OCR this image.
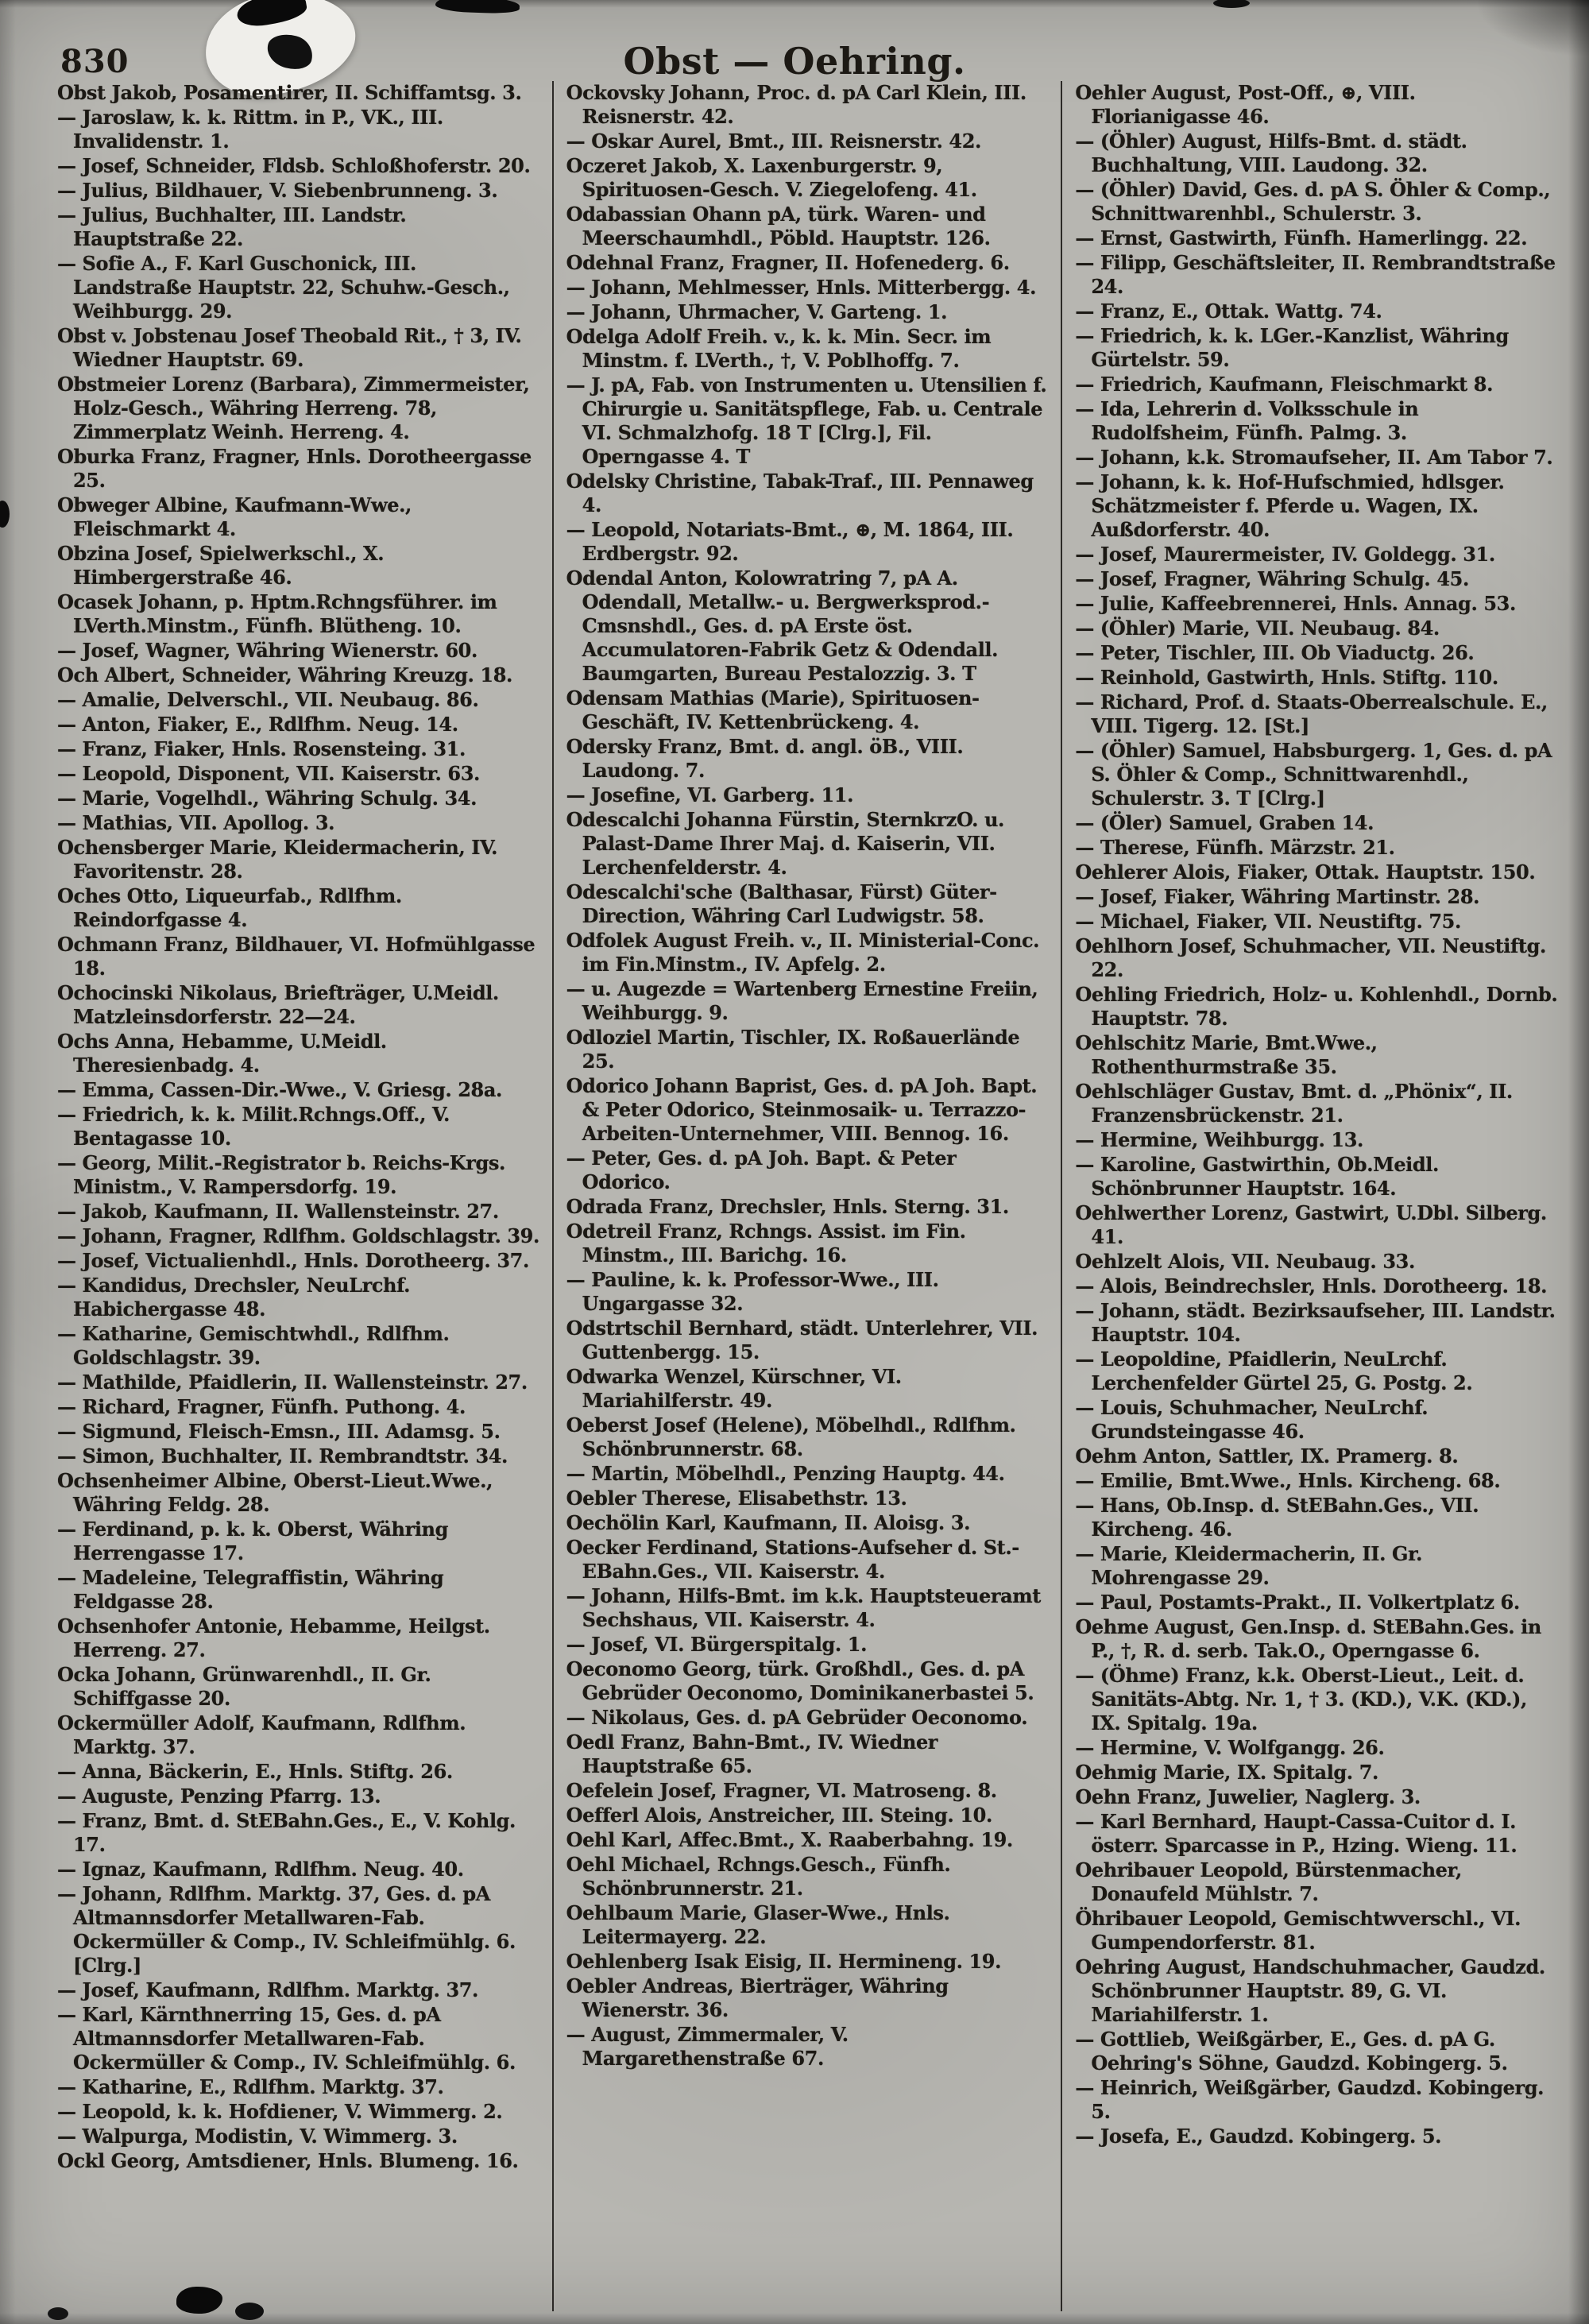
830	Obst — Oehring.

Obst Jakob, Posamentirer, II. Schiffamtsg. 3.

— Jaroslaw, k. k. Rittm. in P., VK., III. Invalidenstr. 1.

— Josef, Schneider, Fldsb. Schloßhoferstr. 20.

— Julius, Bildhauer, V. Siebenbrunneng. 3.

— Julius, Buchhalter, III. Landstr. Hauptstraße 22.

— Sofie A., F. Karl Guschonick, III. Landstraße Hauptstr. 22, Schuhw.-Gesch., Weihburgg. 29.

Obst v. Jobstenau Josef Theobald Rit., † 3, IV. Wiedner Hauptstr. 69.

Obstmeier Lorenz (Barbara), Zimmermeister, Holz-Gesch., Währing Herreng. 78, Zimmerplatz Weinh. Herreng. 4.

Oburka Franz, Fragner, Hnls. Dorotheergasse 25.

Obweger Albine, Kaufmann-Wwe., Fleischmarkt 4.

Obzina Josef, Spielwerkschl., X. Himbergerstraße 46.

Ocasek Johann, p. Hptm.Rchngsführer. im LVerth.Minstm., Fünfh. Blütheng. 10.

— Josef, Wagner, Währing Wienerstr. 60.

Och Albert, Schneider, Währing Kreuzg. 18.

— Amalie, Delverschl., VII. Neubaug. 86.

— Anton, Fiaker, E., Rdlfhm. Neug. 14.

— Franz, Fiaker, Hnls. Rosensteing. 31.

— Leopold, Disponent, VII. Kaiserstr. 63.

— Marie, Vogelhdl., Währing Schulg. 34.

— Mathias, VII. Apollog. 3.

Ochensberger Marie, Kleidermacherin, IV. Favoritenstr. 28.

Oches Otto, Liqueurfab., Rdlfhm. Reindorfgasse 4.

Ochmann Franz, Bildhauer, VI. Hofmühlgasse 18.

Ochocinski Nikolaus, Briefträger, U.Meidl. Matzleinsdorferstr. 22—24.

Ochs Anna, Hebamme, U.Meidl. Theresienbadg. 4.

— Emma, Cassen-Dir.-Wwe., V. Griesg. 28a.

— Friedrich, k. k. Milit.Rchngs.Off., V. Bentagasse 10.

— Georg, Milit.-Registrator b. Reichs-Krgs. Ministm., V. Rampersdorfg. 19.

— Jakob, Kaufmann, II. Wallensteinstr. 27.

— Johann, Fragner, Rdlfhm. Goldschlagstr. 39.

— Josef, Victualienhdl., Hnls. Dorotheerg. 37.

— Kandidus, Drechsler, NeuLrchf. Habichergasse 48.

— Katharine, Gemischtwhdl., Rdlfhm. Goldschlagstr. 39.

— Mathilde, Pfaidlerin, II. Wallensteinstr. 27.

— Richard, Fragner, Fünfh. Puthong. 4.

— Sigmund, Fleisch-Emsn., III. Adamsg. 5.

— Simon, Buchhalter, II. Rembrandtstr. 34.

Ochsenheimer Albine, Oberst-Lieut.Wwe., Währing Feldg. 28.

— Ferdinand, p. k. k. Oberst, Währing Herrengasse 17.

— Madeleine, Telegraffistin, Währing Feldgasse 28.

Ochsenhofer Antonie, Hebamme, Heilgst. Herreng. 27.

Ocka Johann, Grünwarenhdl., II. Gr. Schiffgasse 20.

Ockermüller Adolf, Kaufmann, Rdlfhm. Marktg. 37.

— Anna, Bäckerin, E., Hnls. Stiftg. 26.

— Auguste, Penzing Pfarrg. 13.

— Franz, Bmt. d. StEBahn.Ges., E., V. Kohlg. 17.

— Ignaz, Kaufmann, Rdlfhm. Neug. 40.

— Johann, Rdlfhm. Marktg. 37, Ges. d. pA Altmannsdorfer Metallwaren-Fab. Ockermüller & Comp., IV. Schleifmühlg. 6. [Clrg.]

— Josef, Kaufmann, Rdlfhm. Marktg. 37.

— Karl, Kärnthnerring 15, Ges. d. pA Altmannsdorfer Metallwaren-Fab. Ockermüller & Comp., IV. Schleifmühlg. 6.

— Katharine, E., Rdlfhm. Marktg. 37.

— Leopold, k. k. Hofdiener, V. Wimmerg. 2.

— Walpurga, Modistin, V. Wimmerg. 3.

Ockl Georg, Amtsdiener, Hnls. Blumeng. 16.

Ockovsky Johann, Proc. d. pA Carl Klein, III. Reisnerstr. 42.

— Oskar Aurel, Bmt., III. Reisnerstr. 42.

Oczeret Jakob, X. Laxenburgerstr. 9, Spirituosen-Gesch. V. Ziegelofeng. 41.

Odabassian Ohann pA, türk. Waren- und Meerschaumhdl., Pöbld. Hauptstr. 126.

Odehnal Franz, Fragner, II. Hofenederg. 6.

— Johann, Mehlmesser, Hnls. Mitterbergg. 4.

— Johann, Uhrmacher, V. Garteng. 1.

Odelga Adolf Freih. v., k. k. Min. Secr. im Minstm. f. LVerth., †, V. Poblhoffg. 7.

— J. pA, Fab. von Instrumenten u. Utensilien f. Chirurgie u. Sanitätspflege, Fab. u. Centrale VI. Schmalzhofg. 18 T [Clrg.], Fil. Operngasse 4. T

Odelsky Christine, Tabak-Traf., III. Pennaweg 4.

— Leopold, Notariats-Bmt., ⊕, M. 1864, III. Erdbergstr. 92.

Odendal Anton, Kolowratring 7, pA A. Odendall, Metallw.- u. Bergwerksprod.-Cmsnshdl., Ges. d. pA Erste öst. Accumulatoren-Fabrik Getz & Odendall. Baumgarten, Bureau Pestalozzig. 3. T

Odensam Mathias (Marie), Spirituosen-Geschäft, IV. Kettenbrückeng. 4.

Odersky Franz, Bmt. d. angl. öB., VIII. Laudong. 7.

— Josefine, VI. Garberg. 11.

Odescalchi Johanna Fürstin, SternkrzO. u. Palast-Dame Ihrer Maj. d. Kaiserin, VII. Lerchenfelderstr. 4.

Odescalchi'sche (Balthasar, Fürst) Güter-Direction, Währing Carl Ludwigstr. 58.

Odfolek August Freih. v., II. Ministerial-Conc. im Fin.Minstm., IV. Apfelg. 2.

— u. Augezde = Wartenberg Ernestine Freiin, Weihburgg. 9.

Odloziel Martin, Tischler, IX. Roßauerlände 25.

Odorico Johann Baprist, Ges. d. pA Joh. Bapt. & Peter Odorico, Steinmosaik- u. Terrazzo-Arbeiten-Unternehmer, VIII. Bennog. 16.

— Peter, Ges. d. pA Joh. Bapt. & Peter Odorico.

Odrada Franz, Drechsler, Hnls. Sterng. 31.

Odetreil Franz, Rchngs. Assist. im Fin. Minstm., III. Barichg. 16.

— Pauline, k. k. Professor-Wwe., III. Ungargasse 32.

Odstrtschil Bernhard, städt. Unterlehrer, VII. Guttenbergg. 15.

Odwarka Wenzel, Kürschner, VI. Mariahilferstr. 49.

Oeberst Josef (Helene), Möbelhdl., Rdlfhm. Schönbrunnerstr. 68.

— Martin, Möbelhdl., Penzing Hauptg. 44.

Oebler Therese, Elisabethstr. 13.

Oechölin Karl, Kaufmann, II. Aloisg. 3.

Oecker Ferdinand, Stations-Aufseher d. St.-EBahn.Ges., VII. Kaiserstr. 4.

— Johann, Hilfs-Bmt. im k.k. Hauptsteueramt Sechshaus, VII. Kaiserstr. 4.

— Josef, VI. Bürgerspitalg. 1.

Oeconomo Georg, türk. Großhdl., Ges. d. pA Gebrüder Oeconomo, Dominikanerbastei 5.

— Nikolaus, Ges. d. pA Gebrüder Oeconomo.

Oedl Franz, Bahn-Bmt., IV. Wiedner Hauptstraße 65.

Oefelein Josef, Fragner, VI. Matroseng. 8.

Oefferl Alois, Anstreicher, III. Steing. 10.

Oehl Karl, Affec.Bmt., X. Raaberbahng. 19.

Oehl Michael, Rchngs.Gesch., Fünfh. Schönbrunnerstr. 21.

Oehlbaum Marie, Glaser-Wwe., Hnls. Leitermayerg. 22.

Oehlenberg Isak Eisig, II. Hermineng. 19.

Oebler Andreas, Bierträger, Währing Wienerstr. 36.

— August, Zimmermaler, V. Margarethenstraße 67.

Oehler August, Post-Off., ⊕, VIII. Florianigasse 46.

— (Öhler) August, Hilfs-Bmt. d. städt. Buchhaltung, VIII. Laudong. 32.

— (Öhler) David, Ges. d. pA S. Öhler & Comp., Schnittwarenhbl., Schulerstr. 3.

— Ernst, Gastwirth, Fünfh. Hamerlingg. 22.

— Filipp, Geschäftsleiter, II. Rembrandtstraße 24.

— Franz, E., Ottak. Wattg. 74.

— Friedrich, k. k. LGer.-Kanzlist, Währing Gürtelstr. 59.

— Friedrich, Kaufmann, Fleischmarkt 8.

— Ida, Lehrerin d. Volksschule in Rudolfsheim, Fünfh. Palmg. 3.

— Johann, k.k. Stromaufseher, II. Am Tabor 7.

— Johann, k. k. Hof-Hufschmied, hdlsger. Schätzmeister f. Pferde u. Wagen, IX. Außdorferstr. 40.

— Josef, Maurermeister, IV. Goldegg. 31.

— Josef, Fragner, Währing Schulg. 45.

— Julie, Kaffeebrennerei, Hnls. Annag. 53.

— (Öhler) Marie, VII. Neubaug. 84.

— Peter, Tischler, III. Ob Viaductg. 26.

— Reinhold, Gastwirth, Hnls. Stiftg. 110.

— Richard, Prof. d. Staats-Oberrealschule. E., VIII. Tigerg. 12. [St.]

— (Öhler) Samuel, Habsburgerg. 1, Ges. d. pA S. Öhler & Comp., Schnittwarenhdl., Schulerstr. 3. T [Clrg.]

— (Öler) Samuel, Graben 14.

— Therese, Fünfh. Märzstr. 21.

Oehlerer Alois, Fiaker, Ottak. Hauptstr. 150.

— Josef, Fiaker, Währing Martinstr. 28.

— Michael, Fiaker, VII. Neustiftg. 75.

Oehlhorn Josef, Schuhmacher, VII. Neustiftg. 22.

Oehling Friedrich, Holz- u. Kohlenhdl., Dornb. Hauptstr. 78.

Oehlschitz Marie, Bmt.Wwe., Rothenthurmstraße 35.

Oehlschläger Gustav, Bmt. d. „Phönix“, II. Franzensbrückenstr. 21.

— Hermine, Weihburgg. 13.

— Karoline, Gastwirthin, Ob.Meidl. Schönbrunner Hauptstr. 164.

Oehlwerther Lorenz, Gastwirt, U.Dbl. Silberg. 41.

Oehlzelt Alois, VII. Neubaug. 33.

— Alois, Beindrechsler, Hnls. Dorotheerg. 18.

— Johann, städt. Bezirksaufseher, III. Landstr. Hauptstr. 104.

— Leopoldine, Pfaidlerin, NeuLrchf. Lerchenfelder Gürtel 25, G. Postg. 2.

— Louis, Schuhmacher, NeuLrchf. Grundsteingasse 46.

Oehm Anton, Sattler, IX. Pramerg. 8.

— Emilie, Bmt.Wwe., Hnls. Kircheng. 68.

— Hans, Ob.Insp. d. StEBahn.Ges., VII. Kircheng. 46.

— Marie, Kleidermacherin, II. Gr. Mohrengasse 29.

— Paul, Postamts-Prakt., II. Volkertplatz 6.

Oehme August, Gen.Insp. d. StEBahn.Ges. in P., †, R. d. serb. Tak.O., Operngasse 6.

— (Öhme) Franz, k.k. Oberst-Lieut., Leit. d. Sanitäts-Abtg. Nr. 1, † 3. (KD.), V.K. (KD.), IX. Spitalg. 19a.

— Hermine, V. Wolfgangg. 26.

Oehmig Marie, IX. Spitalg. 7.

Oehn Franz, Juwelier, Naglerg. 3.

— Karl Bernhard, Haupt-Cassa-Cuitor d. I. österr. Sparcasse in P., Hzing. Wieng. 11.

Oehribauer Leopold, Bürstenmacher, Donaufeld Mühlstr. 7.

Öhribauer Leopold, Gemischtwverschl., VI. Gumpendorferstr. 81.

Oehring August, Handschuhmacher, Gaudzd. Schönbrunner Hauptstr. 89, G. VI. Mariahilferstr. 1.

— Gottlieb, Weißgärber, E., Ges. d. pA G. Oehring's Söhne, Gaudzd. Kobingerg. 5.

— Heinrich, Weißgärber, Gaudzd. Kobingerg. 5.

— Josefa, E., Gaudzd. Kobingerg. 5.
